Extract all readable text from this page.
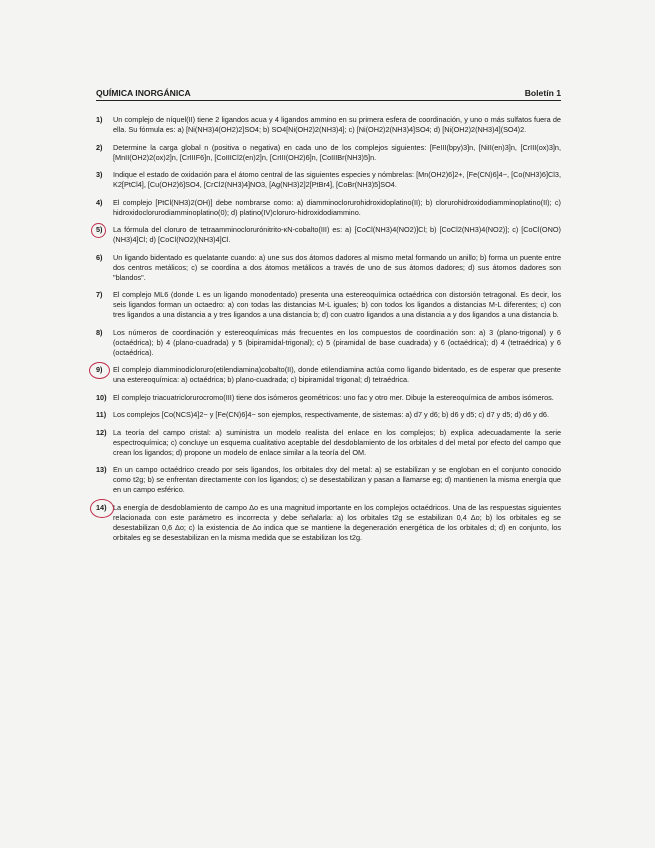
QUÍMICA INORGÁNICA	Boletín 1
1)	Un complejo de níquel(II) tiene 2 ligandos acua y 4 ligandos ammino en su primera esfera de coordinación, y uno o más sulfatos fuera de ella. Su fórmula es: a) [Ni(NH3)4(OH2)2]SO4; b) SO4[Ni(OH2)2(NH3)4]; c) [Ni(OH2)2(NH3)4]SO4; d) [Ni(OH2)2(NH3)4](SO4)2.
2)	Determine la carga global n (positiva o negativa) en cada uno de los complejos siguientes: [FeIII(bpy)3]n, [NiII(en)3]n, [CrIII(ox)3]n, [MnII(OH2)2(ox)2]n, [CrIIIF6]n, [CoIIICl2(en)2]n, [CrIII(OH2)6]n, [CoIIIBr(NH3)5]n.
3)	Indique el estado de oxidación para el átomo central de las siguientes especies y nómbrelas: [Mn(OH2)6]2+, [Fe(CN)6]4−, [Co(NH3)6]Cl3, K2[PtCl4], [Cu(OH2)6]SO4, [CrCl2(NH3)4]NO3, [Ag(NH3)2]2[PtBr4], [CoBr(NH3)5]SO4.
4)	El complejo [PtCl(NH3)2(OH)] debe nombrarse como: a) diamminoclorurohidroxidoplatino(II); b) clorurohidroxidodiamminoplatino(II); c) hidroxidoclorurodiamminoplatino(0); d) platino(IV)cloruro-hidroxidodiammino.
5)	La fórmula del cloruro de tetraamminoclorurónitrito-κN-cobalto(III) es: a) [CoCl(NH3)4(NO2)]Cl; b) [CoCl2(NH3)4(NO2)]; c) [CoCl(ONO)(NH3)4]Cl; d) [CoCl(NO2)(NH3)4]Cl.
6)	Un ligando bidentado es quelatante cuando: a) une sus dos átomos dadores al mismo metal formando un anillo; b) forma un puente entre dos centros metálicos; c) se coordina a dos átomos metálicos a través de uno de sus átomos dadores; d) sus átomos dadores son "blandos".
7)	El complejo ML6 (donde L es un ligando monodentado) presenta una estereoquímica octaédrica con distorsión tetragonal. Es decir, los seis ligandos forman un octaedro: a) con todas las distancias M-L iguales; b) con todos los ligandos a distancias M-L diferentes; c) con tres ligandos a una distancia a y tres ligandos a una distancia b; d) con cuatro ligandos a una distancia a y dos ligandos a una distancia b.
8)	Los números de coordinación y estereoquímicas más frecuentes en los compuestos de coordinación son: a) 3 (plano-trigonal) y 6 (octaédrica); b) 4 (plano-cuadrada) y 5 (bipiramidal-trigonal); c) 5 (piramidal de base cuadrada) y 6 (octaédrica); d) 4 (tetraédrica) y 6 (octaédrica).
9)	El complejo diamminodicloruro(etilendiamina)cobalto(II), donde etilendiamina actúa como ligando bidentado, es de esperar que presente una estereoquímica: a) octaédrica; b) plano-cuadrada; c) bipiramidal trigonal; d) tetraédrica.
10) El complejo triacuatriclorurocromo(III) tiene dos isómeros geométricos: uno fac y otro mer. Dibuje la estereoquímica de ambos isómeros.
11) Los complejos [Co(NCS)4]2− y [Fe(CN)6]4− son ejemplos, respectivamente, de sistemas: a) d7 y d6; b) d6 y d5; c) d7 y d5; d) d6 y d6.
12) La teoría del campo cristal: a) suministra un modelo realista del enlace en los complejos; b) explica adecuadamente la serie espectroquímica; c) concluye un esquema cualitativo aceptable del desdoblamiento de los orbitales d del metal por efecto del campo que crean los ligandos; d) propone un modelo de enlace similar a la teoría del OM.
13) En un campo octaédrico creado por seis ligandos, los orbitales dxy del metal: a) se estabilizan y se engloban en el conjunto conocido como t2g; b) se enfrentan directamente con los ligandos; c) se desestabilizan y pasan a llamarse eg; d) mantienen la misma energía que en un campo esférico.
14) La energía de desdoblamiento de campo Δo es una magnitud importante en los complejos octaédricos. Una de las respuestas siguientes relacionada con este parámetro es incorrecta y debe señalarla: a) los orbitales t2g se estabilizan 0,4 Δo; b) los orbitales eg se desestabilizan 0,6 Δo; c) la existencia de Δo indica que se mantiene la degeneración energética de los orbitales d; d) en conjunto, los orbitales eg se desestabilizan en la misma medida que se estabilizan los t2g.
